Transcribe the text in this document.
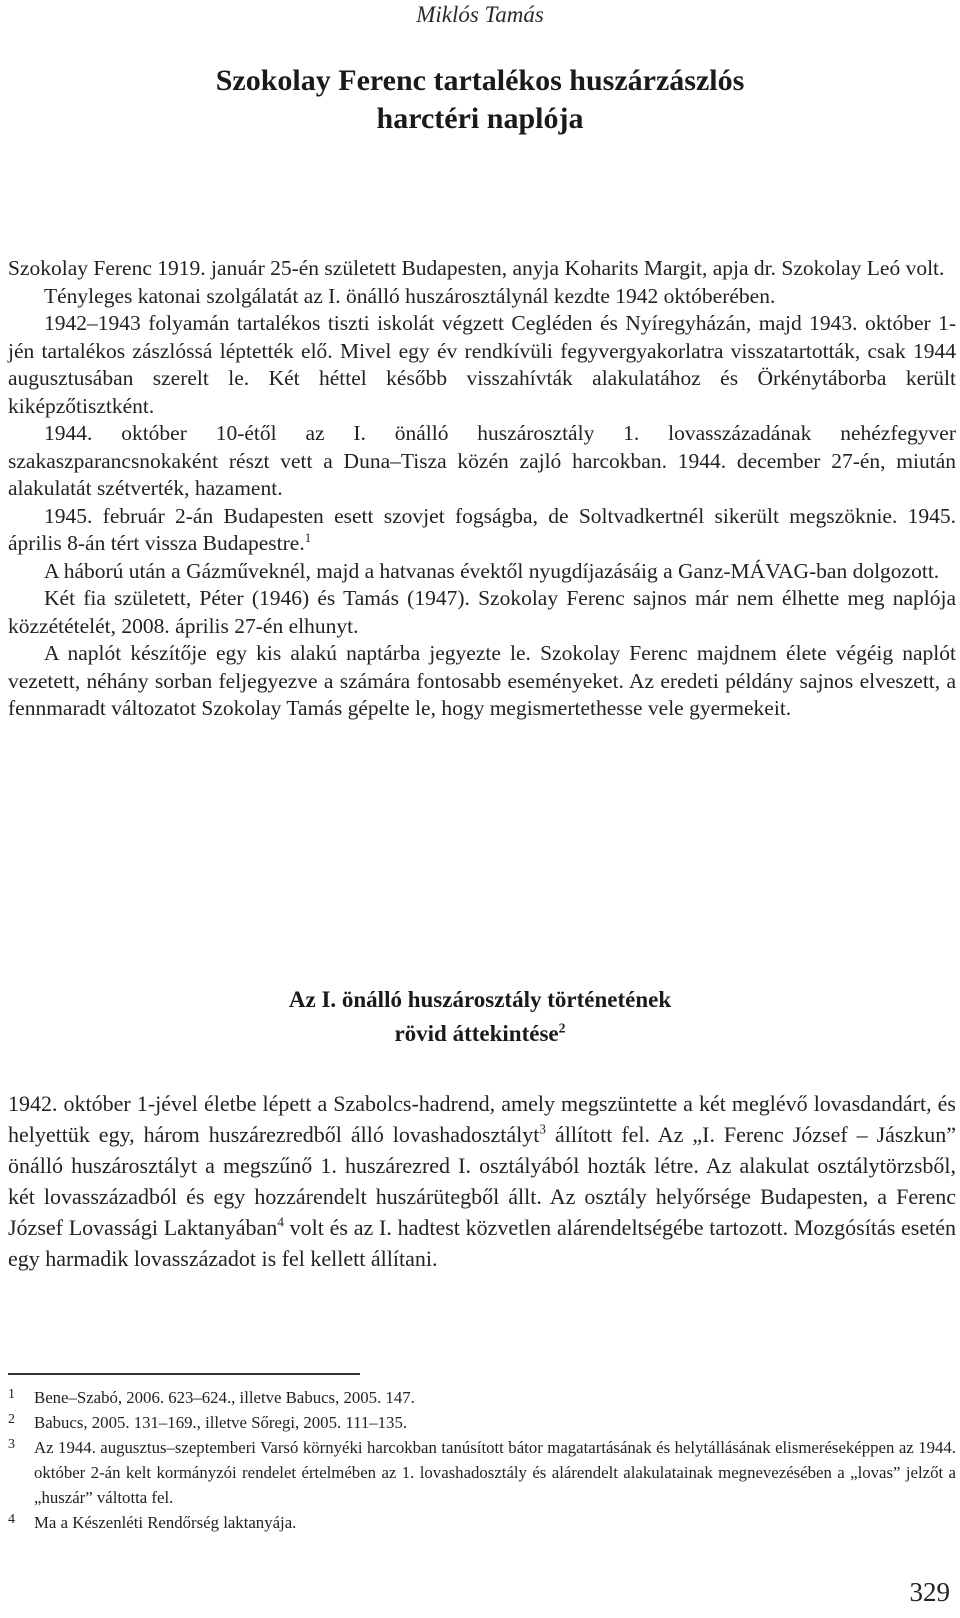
Miklós Tamás
Szokolay Ferenc tartalékos huszárzászlós
harctéri naplója

Szokolay Ferenc 1919. január 25-én született Budapesten, anyja Koharits Margit, apja dr. Szokolay Leó volt.

Tényleges katonai szolgálatát az I. önálló huszárosztálynál kezdte 1942 októberében.

1942–1943 folyamán tartalékos tiszti iskolát végzett Cegléden és Nyíregyházán, majd 1943. október 1-jén tartalékos zászlóssá léptették elő. Mivel egy év rendkívüli fegyvergyakorlatra visszatartották, csak 1944 augusztusában szerelt le. Két héttel később visszahívták alakulatához és Örkénytáborba került kiképzőtisztként.

1944. október 10-étől az I. önálló huszárosztály 1. lovasszázadának nehézfegyver szakaszparancsnokaként részt vett a Duna–Tisza közén zajló harcokban. 1944. december 27-én, miután alakulatát szétverték, hazament.

1945. február 2-án Budapesten esett szovjet fogságba, de Soltvadkertnél sikerült megszöknie. 1945. április 8-án tért vissza Budapestre.$^1$

A háború után a Gázműveknél, majd a hatvanas évektől nyugdíjazásáig a Ganz-MÁVAG-ban dolgozott.

Két fia született, Péter (1946) és Tamás (1947). Szokolay Ferenc sajnos már nem élhette meg naplója közzétételét, 2008. április 27-én elhunyt.

A naplót készítője egy kis alakú naptárba jegyezte le. Szokolay Ferenc majdnem élete végéig naplót vezetett, néhány sorban feljegyezve a számára fontosabb eseményeket. Az eredeti példány sajnos elveszett, a fennmaradt változatot Szokolay Tamás gépelte le, hogy megismertethesse vele gyermekeit.

Az I. önálló huszárosztály történetének
rövid áttekintése$^2$

1942. október 1-jével életbe lépett a Szabolcs-hadrend, amely megszüntette a két meglévő lovasdandárt, és helyettük egy, három huszárezredből álló lovashadosztályt$^3$ állított fel. Az „I. Ferenc József – Jászkun” önálló huszárosztályt a megszűnő 1. huszárezred I. osztályából hozták létre. Az alakulat osztálytörzsből, két lovasszázadból és egy hozzárendelt huszárütegből állt. Az osztály helyőrsége Budapesten, a Ferenc József Lovassági Laktanyában$^4$ volt és az I. hadtest közvetlen alárendeltségébe tartozott. Mozgósítás esetén egy harmadik lovasszázadot is fel kellett állítani.

1	Bene–Szabó, 2006. 623–624., illetve Babucs, 2005. 147.
2	Babucs, 2005. 131–169., illetve Sőregi, 2005. 111–135.
3	Az 1944. augusztus–szeptemberi Varsó környéki harcokban tanúsított bátor magatartásának és helytállásának elismeréseképpen az 1944. október 2-án kelt kormányzói rendelet értelmében az 1. lovashadosztály és alárendelt alakulatainak megnevezésében a „lovas” jelzőt a „huszár” váltotta fel.
4	Ma a Készenléti Rendőrség laktanyája.
329
